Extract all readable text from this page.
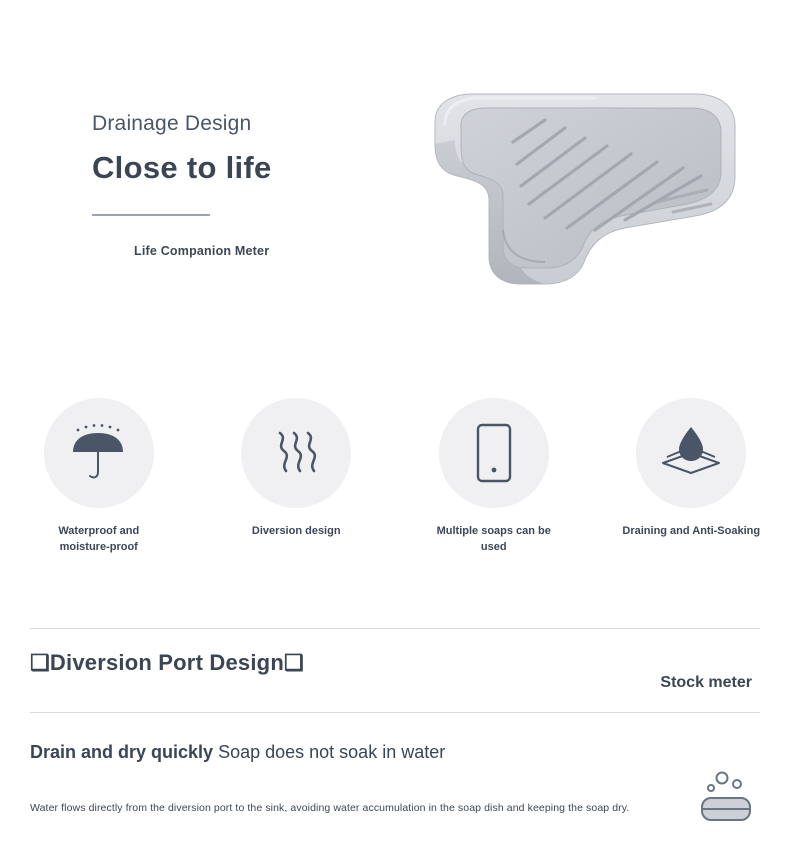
Drainage Design
Close to life
Life Companion Meter
Waterproof and moisture-proof
Diversion design	Multiple soaps can be used
Draining and Anti-Soaking
❑Diversion Port Design❑
Stock meter
Drain and dry quickly Soap does not soak in water
Water flows directly from the diversion port to the sink, avoiding water accumulation in the soap dish and keeping the soap dry.
